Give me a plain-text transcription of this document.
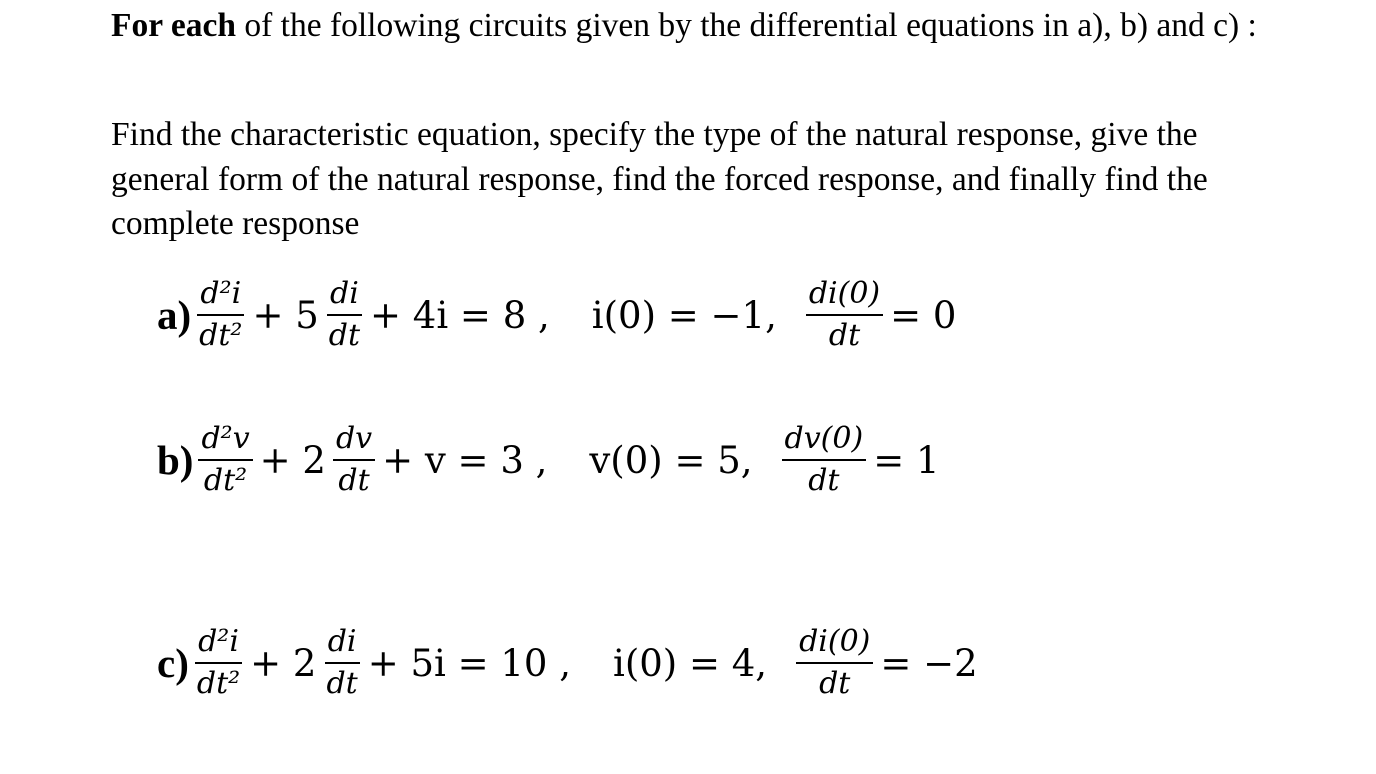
For each of the following circuits given by the differential equations in a), b) and c) :

Find the characteristic equation, specify the type of the natural response, give the general form of the natural response, find the forced response, and finally find the complete response

$a) \frac{\text{d²i}}{\text{dt²}} + 5 \frac{di}{dt} + 4i = 8$ , i(0) = −1, $\frac{di(0)}{dt} = 0$
$b) \frac{\text{d²v}}{\text{dt²}} + 2 \frac{dv}{dt} + v = 3$ , v(0) = 5, $\frac{dv(0)}{dt} = 1$
$c) \frac{\text{d²i}}{\text{dt²}} + 2 \frac{di}{dt} + 5i = 10$ , i(0) = 4, $\frac{di(0)}{dt} = -2$
